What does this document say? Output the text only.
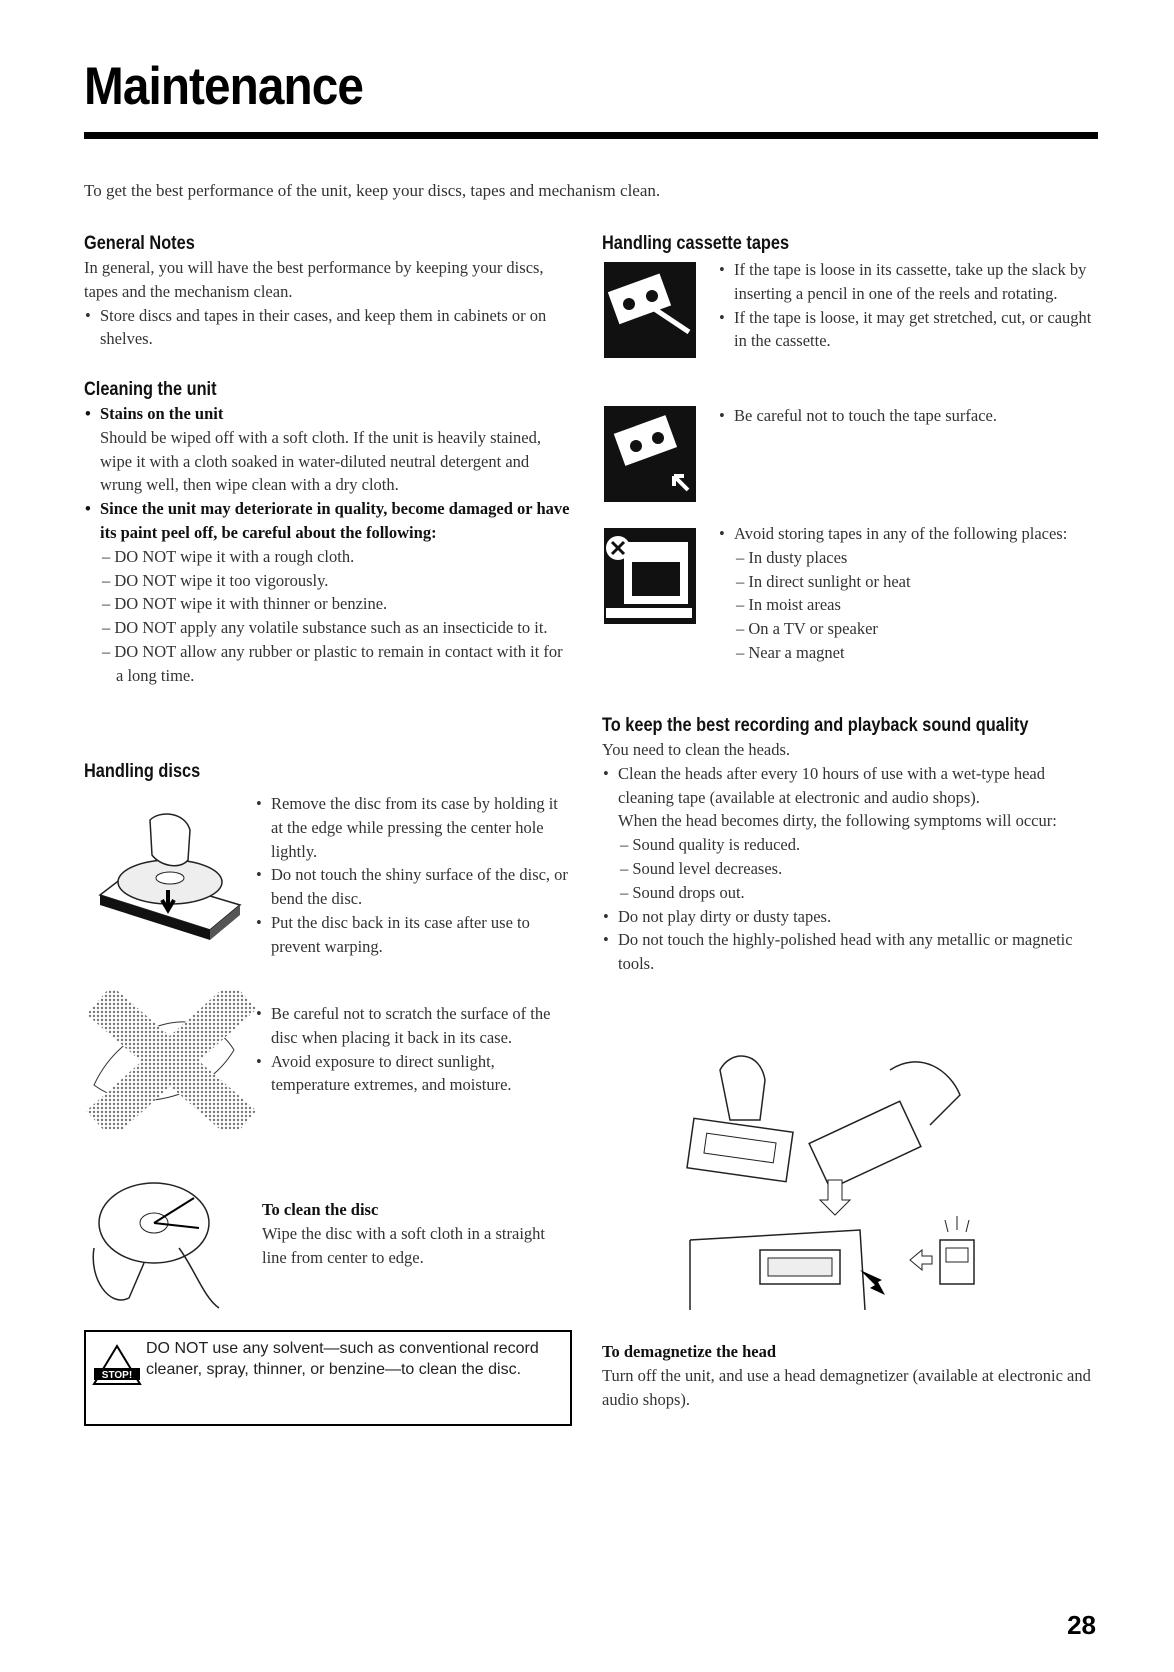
Maintenance

To get the best performance of the unit, keep your discs, tapes and mechanism clean.

General Notes

In general, you will have the best performance by keeping your discs, tapes and the mechanism clean.

• Store discs and tapes in their cases, and keep them in cabinets or on shelves.

Cleaning the unit

• Stains on the unit

Should be wiped off with a soft cloth. If the unit is heavily stained, wipe it with a cloth soaked in water-diluted neutral detergent and wrung well, then wipe clean with a dry cloth.

• Since the unit may deteriorate in quality, become damaged or have its paint peel off, be careful about the following:

– DO NOT wipe it with a rough cloth.

– DO NOT wipe it too vigorously.

– DO NOT wipe it with thinner or benzine.

– DO NOT apply any volatile substance such as an insecticide to it.

– DO NOT allow any rubber or plastic to remain in contact with it for a long time.

Handling discs

• Remove the disc from its case by holding it at the edge while pressing the center hole lightly.

• Do not touch the shiny surface of the disc, or bend the disc.

• Put the disc back in its case after use to prevent warping.

• Be careful not to scratch the surface of the disc when placing it back in its case.

• Avoid exposure to direct sunlight, temperature extremes, and moisture.

To clean the disc

Wipe the disc with a soft cloth in a straight line from center to edge.

STOP!

DO NOT use any solvent—such as conventional record cleaner, spray, thinner, or benzine—to clean the disc.

Handling cassette tapes

• If the tape is loose in its cassette, take up the slack by inserting a pencil in one of the reels and rotating.

• If the tape is loose, it may get stretched, cut, or caught in the cassette.

• Be careful not to touch the tape surface.

• Avoid storing tapes in any of the following places:

– In dusty places

– In direct sunlight or heat

– In moist areas

– On a TV or speaker

– Near a magnet

To keep the best recording and playback sound quality

You need to clean the heads.

• Clean the heads after every 10 hours of use with a wet-type head cleaning tape (available at electronic and audio shops).

When the head becomes dirty, the following symptoms will occur:

– Sound quality is reduced.

– Sound level decreases.

– Sound drops out.

• Do not play dirty or dusty tapes.

• Do not touch the highly-polished head with any metallic or magnetic tools.

To demagnetize the head

Turn off the unit, and use a head demagnetizer (available at electronic and audio shops).

28
